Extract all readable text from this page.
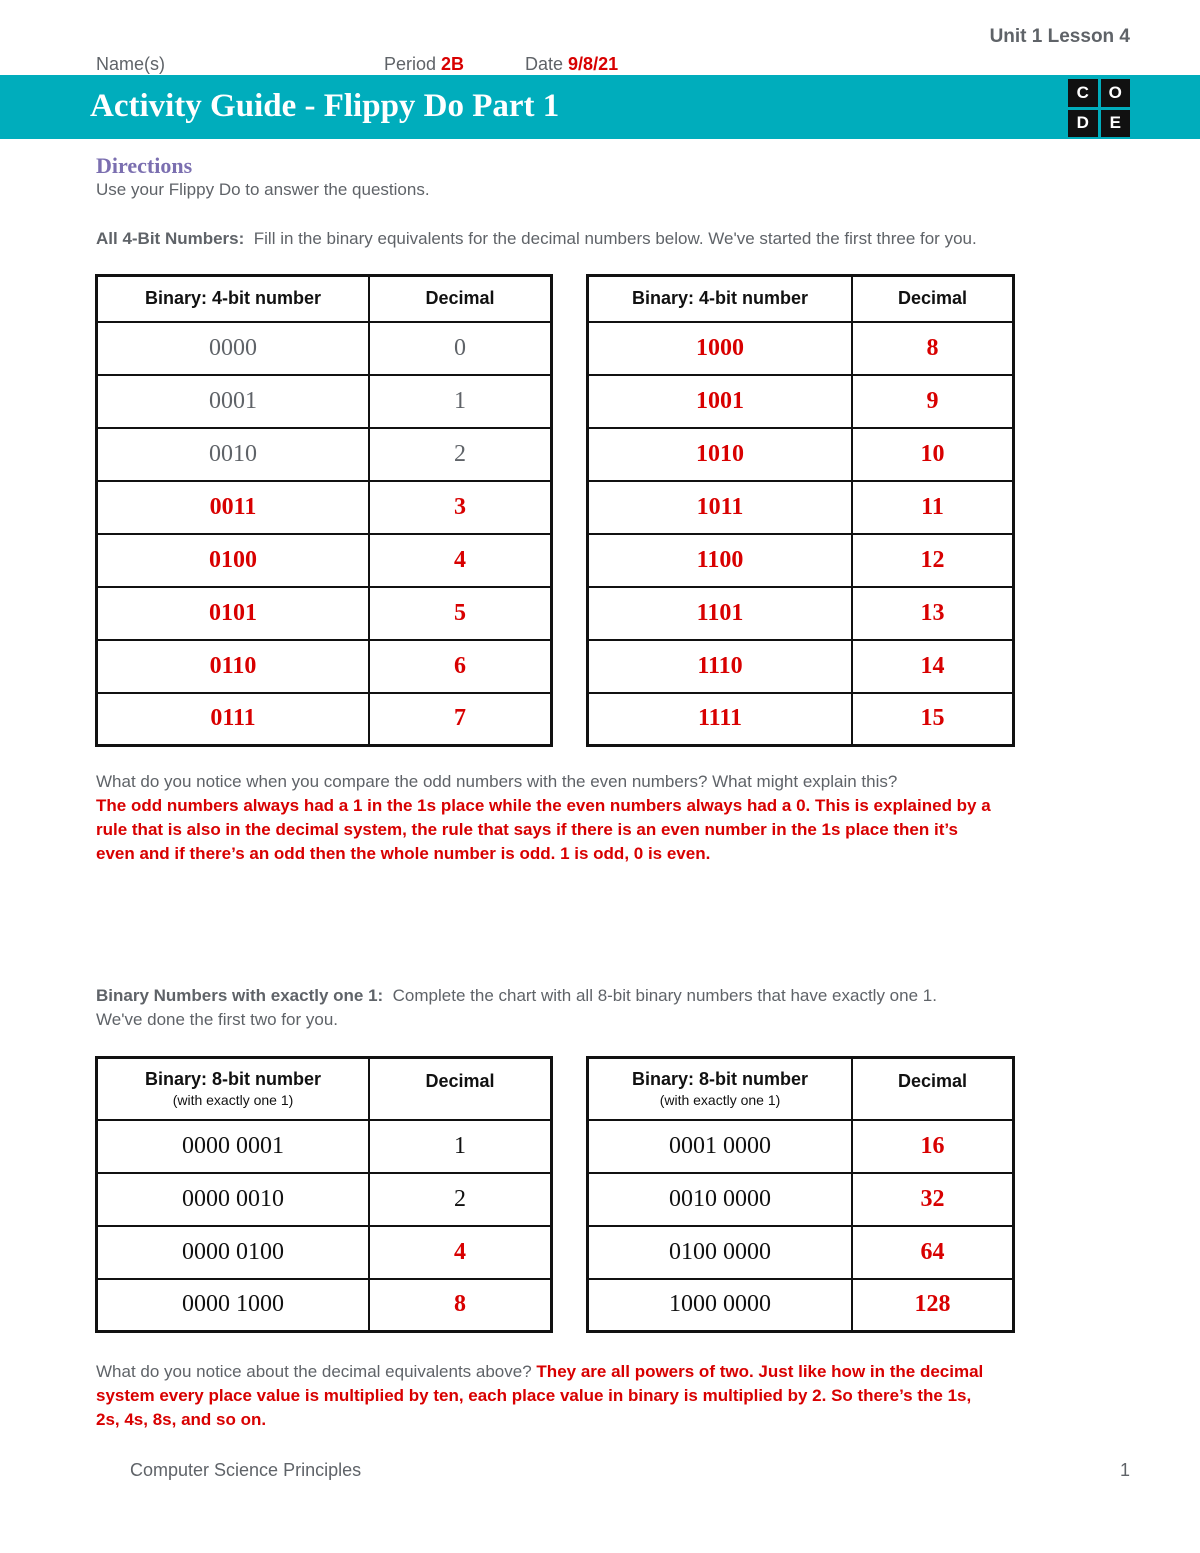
Unit 1 Lesson 4
Name(s)	Period 2B	Date 9/8/21
Activity Guide - Flippy Do Part 1	C	O
D	E
Directions
Use your Flippy Do to answer the questions.
All 4-Bit Numbers: Fill in the binary equivalents for the decimal numbers below. We've started the first three for you.
Binary: 4-bit number	Decimal
0000	0
0001	1
0010	2
0011	3
0100	4
0101	5
0110	6
0111	7
Binary: 4-bit number	Decimal
1000	8
1001	9
1010	10
1011	11
1100	12
1101	13
1110	14
1111	15
What do you notice when you compare the odd numbers with the even numbers? What might explain this?
The odd numbers always had a 1 in the 1s place while the even numbers always had a 0. This is explained by a
rule that is also in the decimal system, the rule that says if there is an even number in the 1s place then it’s
even and if there’s an odd then the whole number is odd. 1 is odd, 0 is even.
Binary Numbers with exactly one 1: Complete the chart with all 8-bit binary numbers that have exactly one 1.
We've done the first two for you.
Binary: 8-bit number
(with exactly one 1)	Decimal
0000 0001	1
0000 0010	2
0000 0100	4
0000 1000	8
Binary: 8-bit number
(with exactly one 1)	Decimal
0001 0000	16
0010 0000	32
0100 0000	64
1000 0000	128
What do you notice about the decimal equivalents above? They are all powers of two. Just like how in the decimal
system every place value is multiplied by ten, each place value in binary is multiplied by 2. So there’s the 1s,
2s, 4s, 8s, and so on.
Computer Science Principles	1
